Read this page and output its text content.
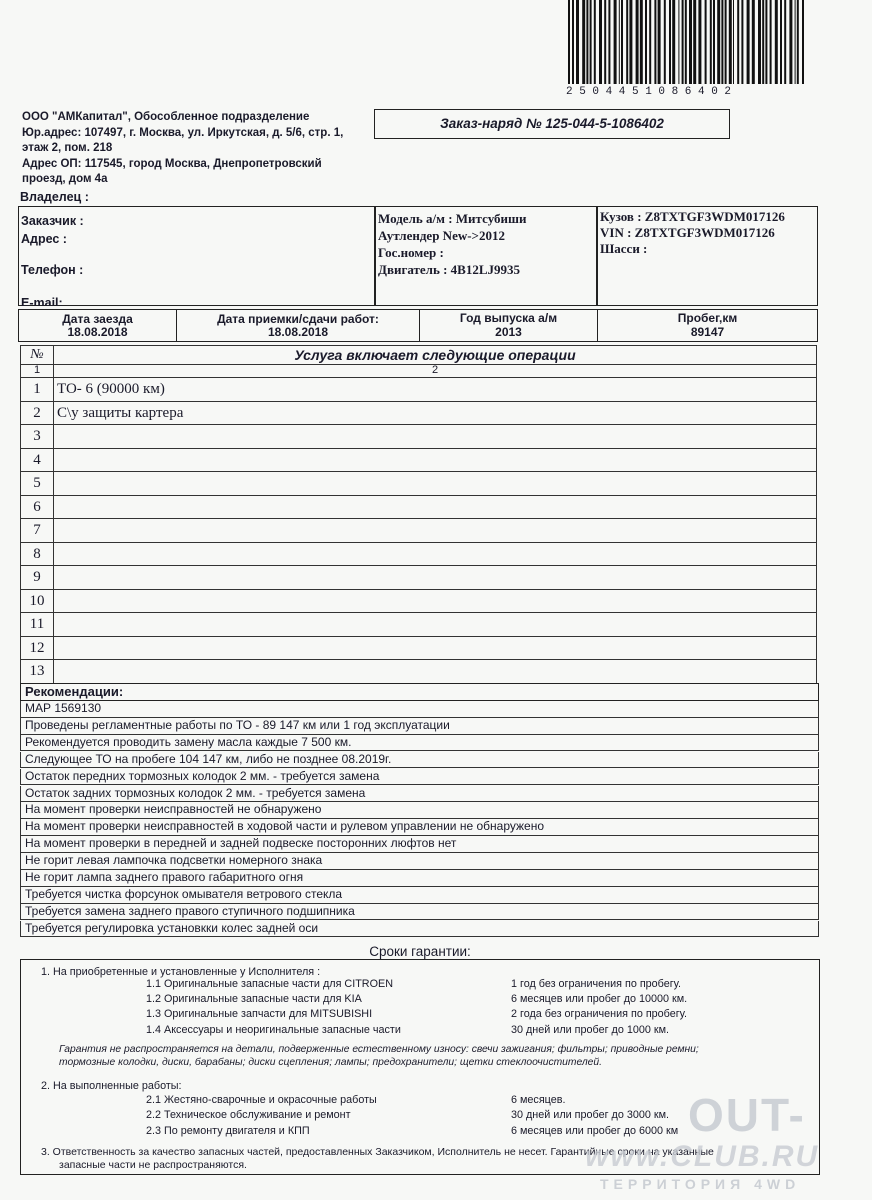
2504451086402
ООО "АМКапитал", Обособленное подразделение
Юр.адрес: 107497, г. Москва, ул. Иркутская, д. 5/6, стр. 1,
этаж 2, пом. 218
Адрес ОП: 117545, город Москва, Днепропетровский
проезд, дом 4а
Заказ-наряд № 125-044-5-1086402
Владелец :
Заказчик :
Адрес :
Телефон :
E-mail:
Модель а/м : Митсубиши
Аутлендер New->2012
Гос.номер :
Двигатель : 4B12LJ9935
Кузов : Z8TXTGF3WDM017126
VIN : Z8TXTGF3WDM017126
Шасси :
Дата заезда
18.08.2018
Дата приемки/сдачи работ:
18.08.2018
Год выпуска а/м
2013
Пробег,км
89147
№	Услуга включает следующие операции
1	2
1	ТО- 6 (90000 км)
2	С\у защиты картера
3
4
5
6
7
8
9
10
11
12
13
Рекомендации:
МАР 1569130
Проведены регламентные работы по ТО - 89 147 км или 1 год эксплуатации
Рекомендуется проводить замену масла каждые 7 500 км.
Следующее ТО на пробеге 104 147 км, либо не позднее 08.2019г.
Остаток передних тормозных колодок 2 мм. - требуется замена
Остаток задних тормозных колодок 2 мм. - требуется замена
На момент проверки неисправностей не обнаружено
На момент проверки неисправностей в ходовой части и рулевом управлении не обнаружено
На момент проверки в передней и задней подвеске посторонних люфтов нет
Не горит левая лампочка подсветки номерного знака
Не горит лампа заднего правого габаритного огня
Требуется чистка форсунок омывателя ветрового стекла
Требуется замена заднего правого ступичного подшипника
Требуется регулировка установкки колес задней оси
Сроки гарантии:
1. На приобретенные и установленные у Исполнителя :
1.1 Оригинальные запасные части для CITROEN	1 год без ограничения по пробегу.
1.2 Оригинальные запасные части для KIA	6 месяцев или пробег до 10000 км.
1.3 Оригинальные запчасти для MITSUBISHI	2 года без ограничения по пробегу.
1.4 Аксессуары и неоригинальные запасные части	30 дней или пробег до 1000 км.
Гарантия не распространяется на детали, подверженные естественному износу: свечи зажигания; фильтры; приводные ремни;
тормозные колодки, диски, барабаны; диски сцепления; лампы; предохранители; щетки стеклоочистителей.
2. На выполненные работы:
2.1 Жестяно-сварочные и окрасочные работы	6 месяцев.
2.2 Техническое обслуживание и ремонт	30 дней или пробег до 3000 км.
2.3 По ремонту двигателя и КПП	6 месяцев или пробег до 6000 км
3. Ответственность за качество запасных частей, предоставленных Заказчиком, Исполнитель не несет. Гарантийные сроки на указанные
запасные части не распространяются.
OUT-
www.CLUB.RU
ТЕРРИТОРИЯ 4WD
